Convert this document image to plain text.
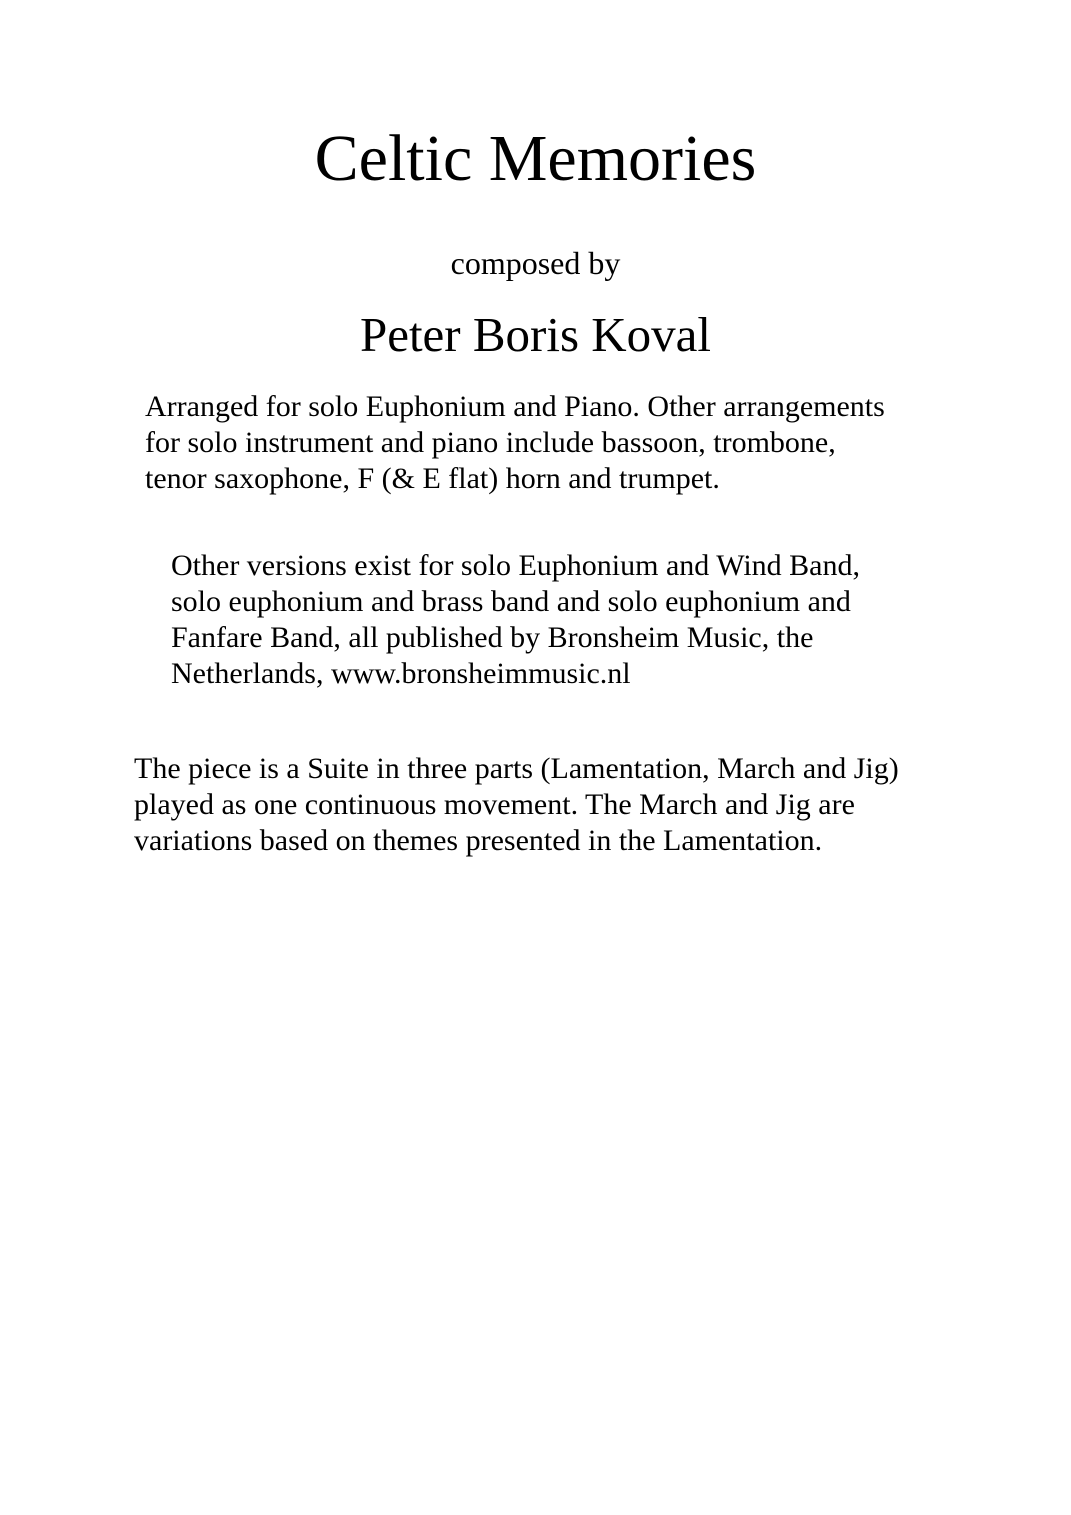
Celtic Memories
composed by
Peter Boris Koval

Arranged for solo Euphonium and Piano. Other arrangements
for solo instrument and piano include bassoon, trombone,
tenor saxophone, F (& E flat) horn and trumpet.

Other versions exist for solo Euphonium and Wind Band,
solo euphonium and brass band and solo euphonium and
Fanfare Band, all published by Bronsheim Music, the
Netherlands, www.bronsheimmusic.nl

The piece is a Suite in three parts (Lamentation, March and Jig)
played as one continuous movement. The March and Jig are
variations based on themes presented in the Lamentation.
